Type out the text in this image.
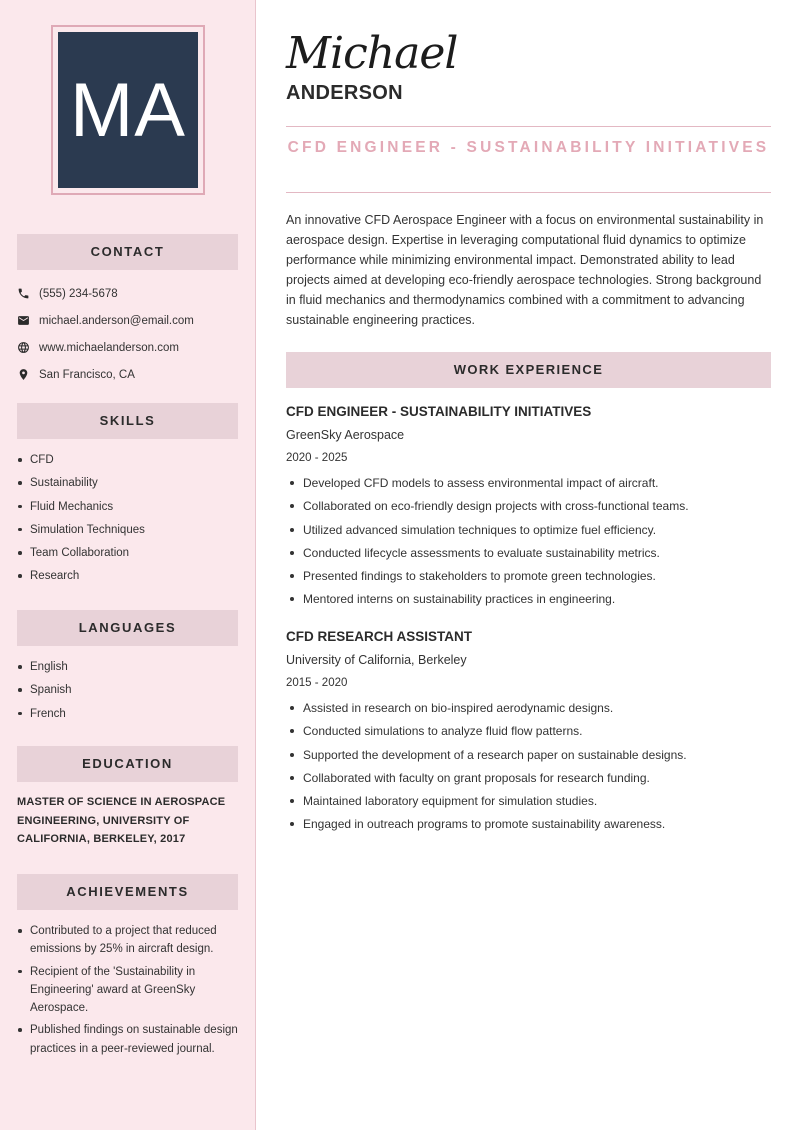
MA
CONTACT
(555) 234-5678
michael.anderson@email.com
www.michaelanderson.com
San Francisco, CA
SKILLS
CFD
Sustainability
Fluid Mechanics
Simulation Techniques
Team Collaboration
Research
LANGUAGES
English
Spanish
French
EDUCATION
MASTER OF SCIENCE IN AEROSPACE ENGINEERING, UNIVERSITY OF CALIFORNIA, BERKELEY, 2017
ACHIEVEMENTS
Contributed to a project that reduced emissions by 25% in aircraft design.
Recipient of the 'Sustainability in Engineering' award at GreenSky Aerospace.
Published findings on sustainable design practices in a peer-reviewed journal.
Michael
ANDERSON
CFD ENGINEER - SUSTAINABILITY INITIATIVES

An innovative CFD Aerospace Engineer with a focus on environmental sustainability in aerospace design. Expertise in leveraging computational fluid dynamics to optimize performance while minimizing environmental impact. Demonstrated ability to lead projects aimed at developing eco-friendly aerospace technologies. Strong background in fluid mechanics and thermodynamics combined with a commitment to advancing sustainable engineering practices.

WORK EXPERIENCE
CFD ENGINEER - SUSTAINABILITY INITIATIVES
GreenSky Aerospace
2020 - 2025
Developed CFD models to assess environmental impact of aircraft.
Collaborated on eco-friendly design projects with cross-functional teams.
Utilized advanced simulation techniques to optimize fuel efficiency.
Conducted lifecycle assessments to evaluate sustainability metrics.
Presented findings to stakeholders to promote green technologies.
Mentored interns on sustainability practices in engineering.
CFD RESEARCH ASSISTANT
University of California, Berkeley
2015 - 2020
Assisted in research on bio-inspired aerodynamic designs.
Conducted simulations to analyze fluid flow patterns.
Supported the development of a research paper on sustainable designs.
Collaborated with faculty on grant proposals for research funding.
Maintained laboratory equipment for simulation studies.
Engaged in outreach programs to promote sustainability awareness.
